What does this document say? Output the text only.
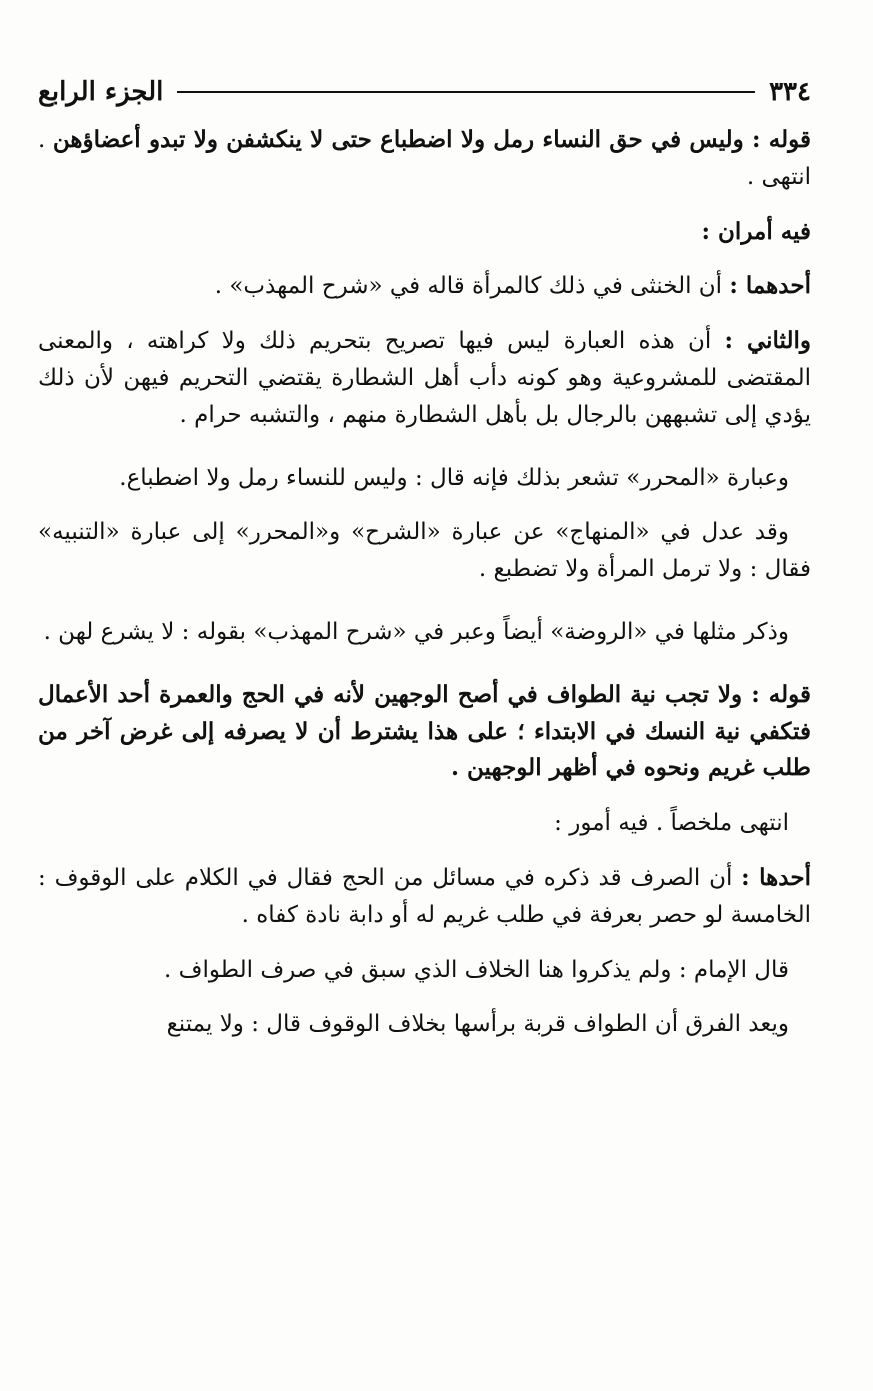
٣٣٤
الجزء الرابع

قوله : وليس في حق النساء رمل ولا اضطباع حتى لا ينكشفن ولا تبدو أعضاؤهن . انتهى .

فيه أمران :

أحدهما : أن الخنثى في ذلك كالمرأة قاله في «شرح المهذب» .

والثاني : أن هذه العبارة ليس فيها تصريح بتحريم ذلك ولا كراهته ، والمعنى المقتضى للمشروعية وهو كونه دأب أهل الشطارة يقتضي التحريم فيهن لأن ذلك يؤدي إلى تشبههن بالرجال بل بأهل الشطارة منهم ، والتشبه حرام .

وعبارة «المحرر» تشعر بذلك فإنه قال : وليس للنساء رمل ولا اضطباع.

وقد عدل في «المنهاج» عن عبارة «الشرح» و«المحرر» إلى عبارة «التنبيه» فقال : ولا ترمل المرأة ولا تضطبع .

وذكر مثلها في «الروضة» أيضاً وعبر في «شرح المهذب» بقوله : لا يشرع لهن .

قوله : ولا تجب نية الطواف في أصح الوجهين لأنه في الحج والعمرة أحد الأعمال فتكفي نية النسك في الابتداء ؛ على هذا يشترط أن لا يصرفه إلى غرض آخر من طلب غريم ونحوه في أظهر الوجهين .

انتهى ملخصاً . فيه أمور :

أحدها : أن الصرف قد ذكره في مسائل من الحج فقال في الكلام على الوقوف : الخامسة لو حصر بعرفة في طلب غريم له أو دابة نادة كفاه .

قال الإمام : ولم يذكروا هنا الخلاف الذي سبق في صرف الطواف .

ويعد الفرق أن الطواف قربة برأسها بخلاف الوقوف قال : ولا يمتنع
